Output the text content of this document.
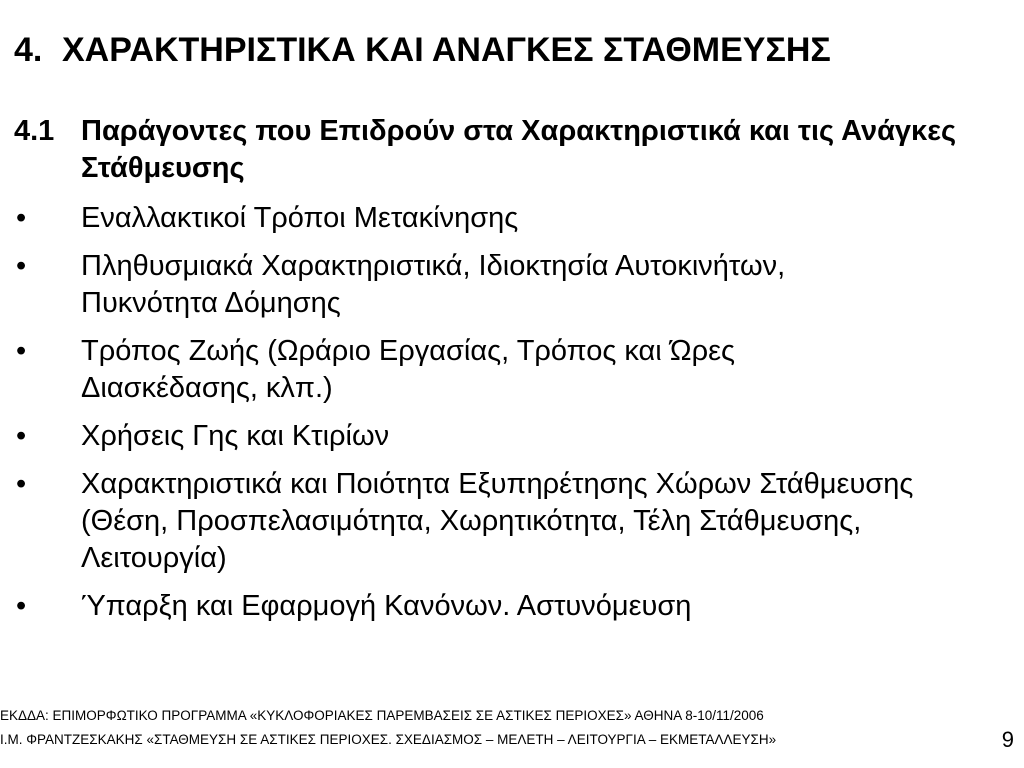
4. ΧΑΡΑΚΤΗΡΙΣΤΙΚΑ ΚΑΙ ΑΝΑΓΚΕΣ ΣΤΑΘΜΕΥΣΗΣ
4.1 Παράγοντες που Επιδρούν στα Χαρακτηριστικά και τις Ανάγκες Στάθμευσης
• Εναλλακτικοί Τρόποι Μετακίνησης
• Πληθυσμιακά Χαρακτηριστικά, Ιδιοκτησία Αυτοκινήτων, Πυκνότητα Δόμησης
• Τρόπος Ζωής (Ωράριο Εργασίας, Τρόπος και Ώρες Διασκέδασης, κλπ.)
• Χρήσεις Γης και Κτιρίων
• Χαρακτηριστικά και Ποιότητα Εξυπηρέτησης Χώρων Στάθμευσης (Θέση, Προσπελασιμότητα, Χωρητικότητα, Τέλη Στάθμευσης, Λειτουργία)
• Ύπαρξη και Εφαρμογή Κανόνων. Αστυνόμευση
ΕΚΔΔΑ: ΕΠΙΜΟΡΦΩΤΙΚΟ ΠΡΟΓΡΑΜΜΑ «ΚΥΚΛΟΦΟΡΙΑΚΕΣ ΠΑΡΕΜΒΑΣΕΙΣ ΣΕ ΑΣΤΙΚΕΣ ΠΕΡΙΟΧΕΣ» ΑΘΗΝΑ 8-10/11/2006
Ι.Μ. ΦΡΑΝΤΖΕΣΚΑΚΗΣ «ΣΤΑΘΜΕΥΣΗ ΣΕ ΑΣΤΙΚΕΣ ΠΕΡΙΟΧΕΣ. ΣΧΕΔΙΑΣΜΟΣ – ΜΕΛΕΤΗ – ΛΕΙΤΟΥΡΓΙΑ – ΕΚΜΕΤΑΛΛΕΥΣΗ»	9
